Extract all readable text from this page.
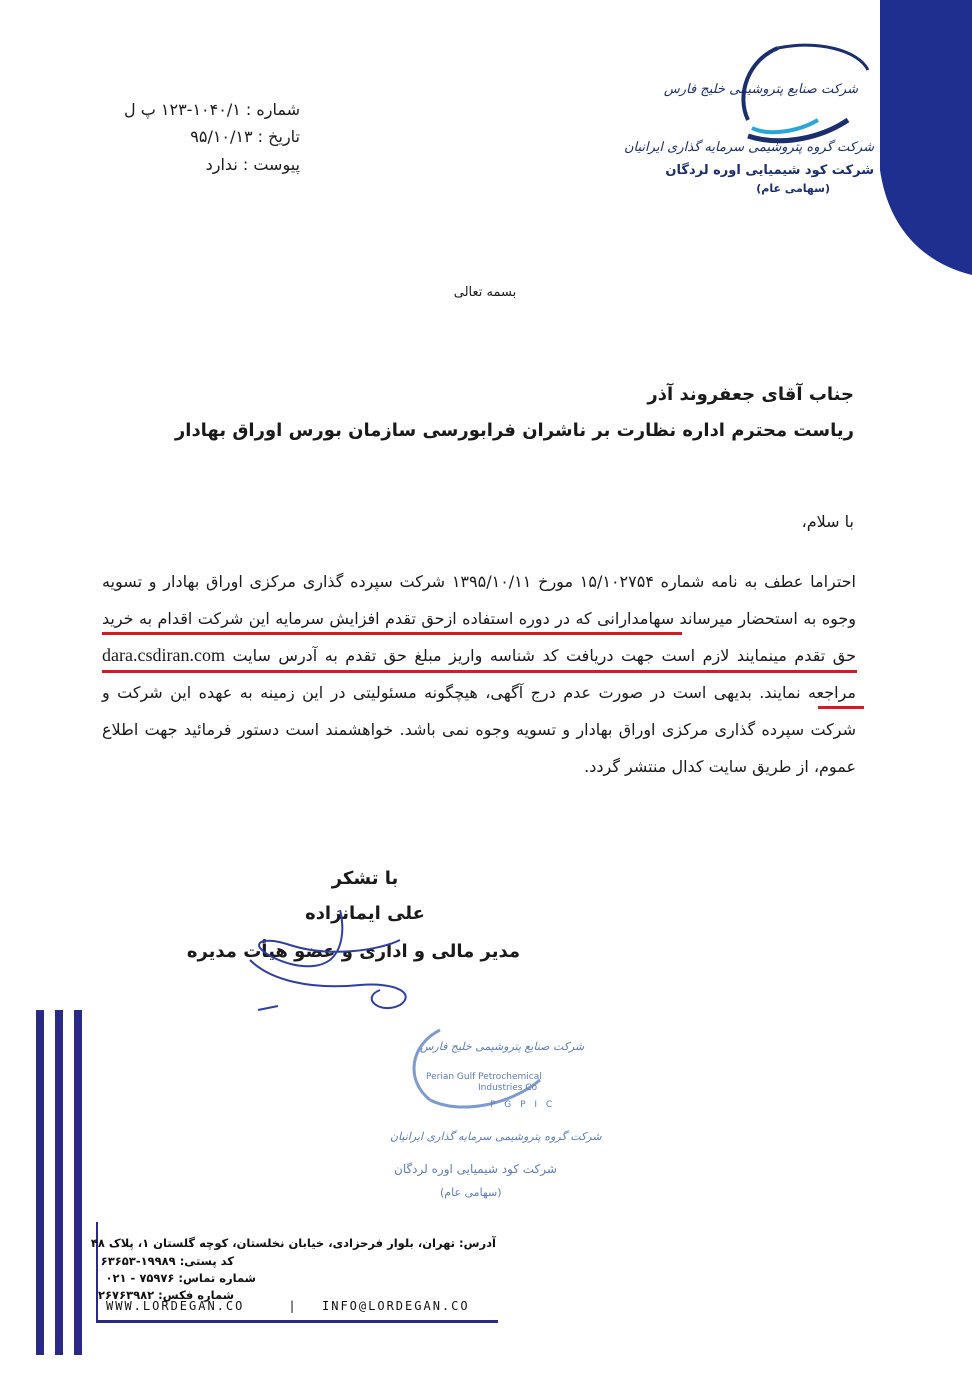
شرکت صنایع پتروشیمی خلیج فارس
شرکت گروه پتروشیمی سرمایه گذاری ایرانیان
شرکت کود شیمیایی اوره لردگان
(سهامی عام)
شماره : ۱۰۴۰/۱-۱۲۳ پ ل
تاریخ : ۹۵/۱۰/۱۳
پیوست : ندارد
بسمه تعالی
جناب آقای جعفروند آذر
ریاست محترم اداره نظارت بر ناشران فرابورسی سازمان بورس اوراق بهادار
با سلام،
احتراما عطف به نامه شماره ۱۵/۱۰۲۷۵۴ مورخ ۱۳۹۵/۱۰/۱۱ شرکت سپرده گذاری مرکزی اوراق بهادار و تسویه وجوه به استحضار میرساند سهامدارانی که در دوره استفاده ازحق تقدم افزایش سرمایه این شرکت اقدام به خرید حق تقدم مینمایند لازم است جهت دریافت کد شناسه واریز مبلغ حق تقدم به آدرس سایت dara.csdiran.com مراجعه نمایند. بدیهی است در صورت عدم درج آگهی، هیچگونه مسئولیتی در این زمینه به عهده این شرکت و شرکت سپرده گذاری مرکزی اوراق بهادار و تسویه وجوه نمی باشد. خواهشمند است دستور فرمائید جهت اطلاع عموم، از طریق سایت کدال منتشر گردد.
با تشکر
علی ایمانزاده
مدیر مالی و اداری و عضو هیأت مدیره
شرکت صنایع پتروشیمی خلیج فارس
Perian Gulf Petrochemical
Industries Co
P G P I C
شرکت گروه پتروشیمی سرمایه گذاری ایرانیان
شرکت کود شیمیایی اوره لردگان
(سهامی عام)
آدرس: تهران، بلوار فرحزادی، خیابان نخلستان، کوچه گلستان ۱، پلاک ۴۸
کد پستی: ۱۹۹۸۹-۶۳۶۵۳
شماره تماس: ۷۵۹۷۶ - ۰۲۱
شماره فکس: ۲۶۷۶۳۹۸۲
WWW.LORDEGAN.CO	| INFO@LORDEGAN.CO
